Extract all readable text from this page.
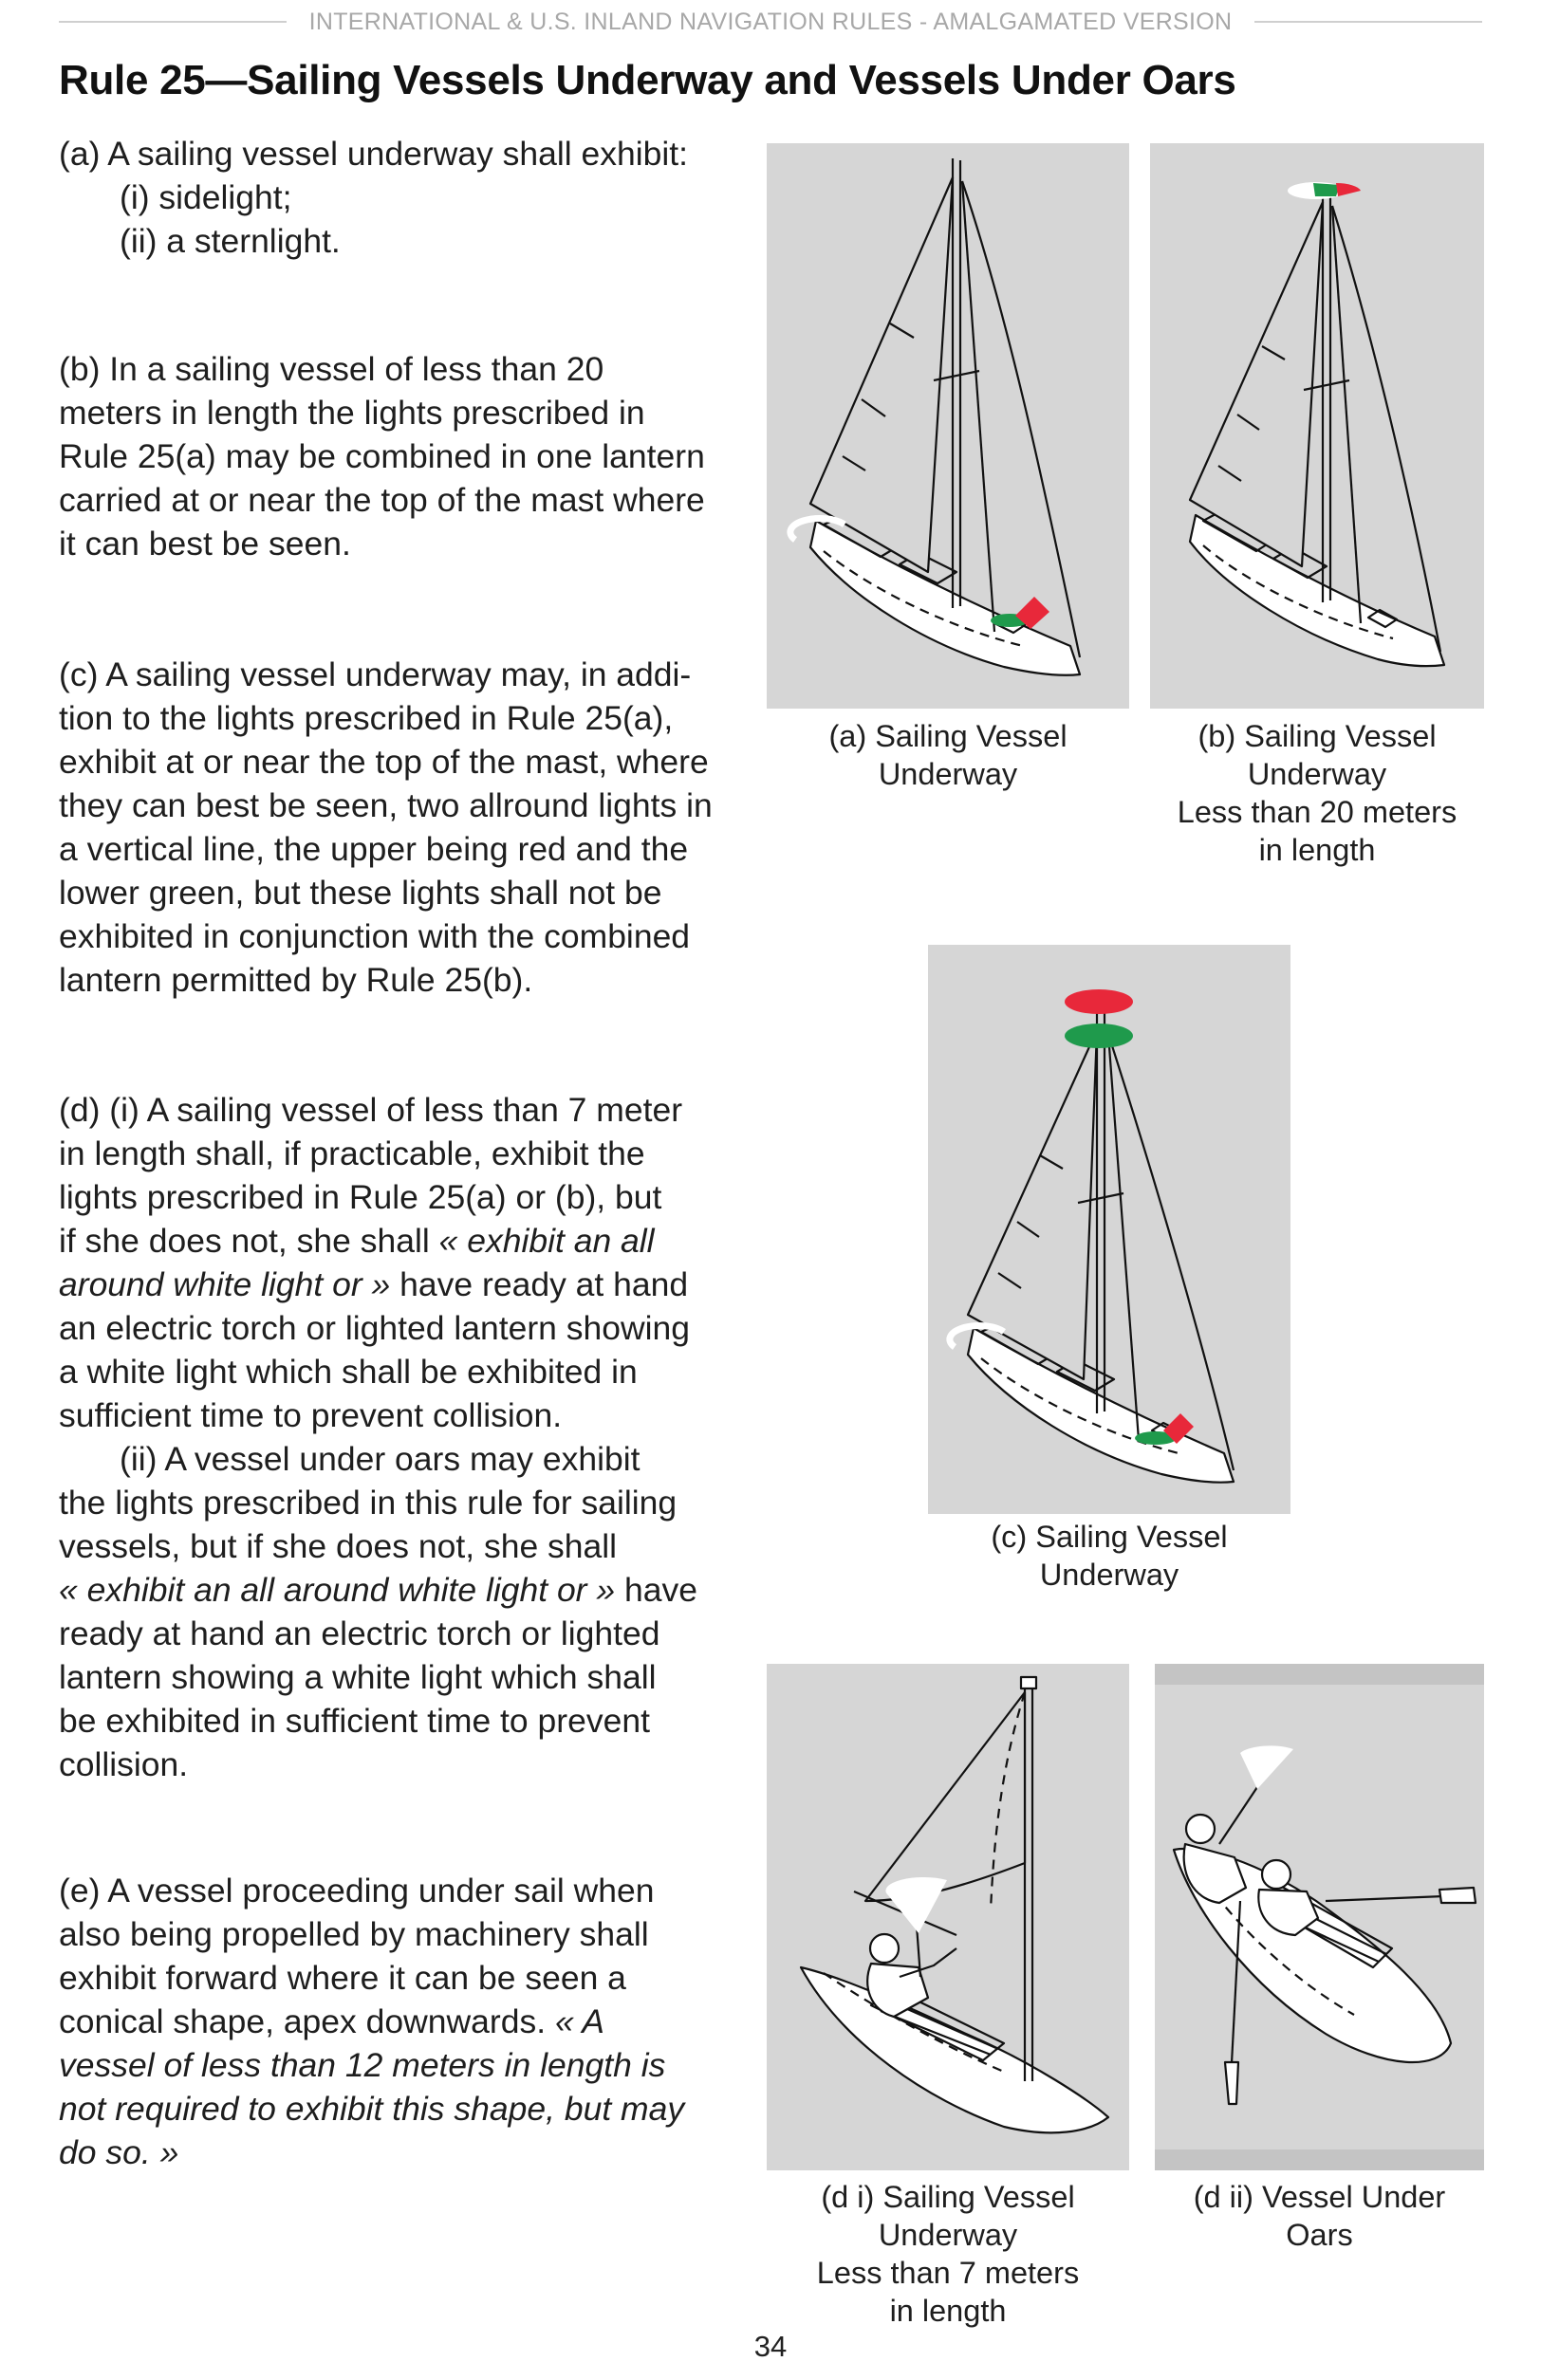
INTERNATIONAL & U.S. INLAND NAVIGATION RULES - AMALGAMATED VERSION
Rule 25—Sailing Vessels Underway and Vessels Under Oars

(a) A sailing vessel underway shall exhibit:

(i) sidelight;

(ii) a sternlight.

(b) In a sailing vessel of less than 20

meters in length the lights prescribed in

Rule 25(a) may be combined in one lantern

carried at or near the top of the mast where

it can best be seen.

(c) A sailing vessel underway may, in addi-

tion to the lights prescribed in Rule 25(a),

exhibit at or near the top of the mast, where

they can best be seen, two allround lights in

a vertical line, the upper being red and the

lower green, but these lights shall not be

exhibited in conjunction with the combined

lantern permitted by Rule 25(b).

(d) (i) A sailing vessel of less than 7 meter

in length shall, if practicable, exhibit the

lights prescribed in Rule 25(a) or (b), but

if she does not, she shall « exhibit an all

around white light or » have ready at hand

an electric torch or lighted lantern showing

a white light which shall be exhibited in

sufficient time to prevent collision.

(ii) A vessel under oars may exhibit

the lights prescribed in this rule for sailing

vessels, but if she does not, she shall

« exhibit an all around white light or » have

ready at hand an electric torch or lighted

lantern showing a white light which shall

be exhibited in sufficient time to prevent

collision.

(e) A vessel proceeding under sail when

also being propelled by machinery shall

exhibit forward where it can be seen a

conical shape, apex downwards. « A

vessel of less than 12 meters in length is

not required to exhibit this shape, but may

do so. »

(a) Sailing Vessel
Underway
(b) Sailing Vessel
Underway
Less than 20 meters
in length
(c) Sailing Vessel
Underway
(d i) Sailing Vessel
Underway
Less than 7 meters
in length
(d ii) Vessel Under
Oars
34
